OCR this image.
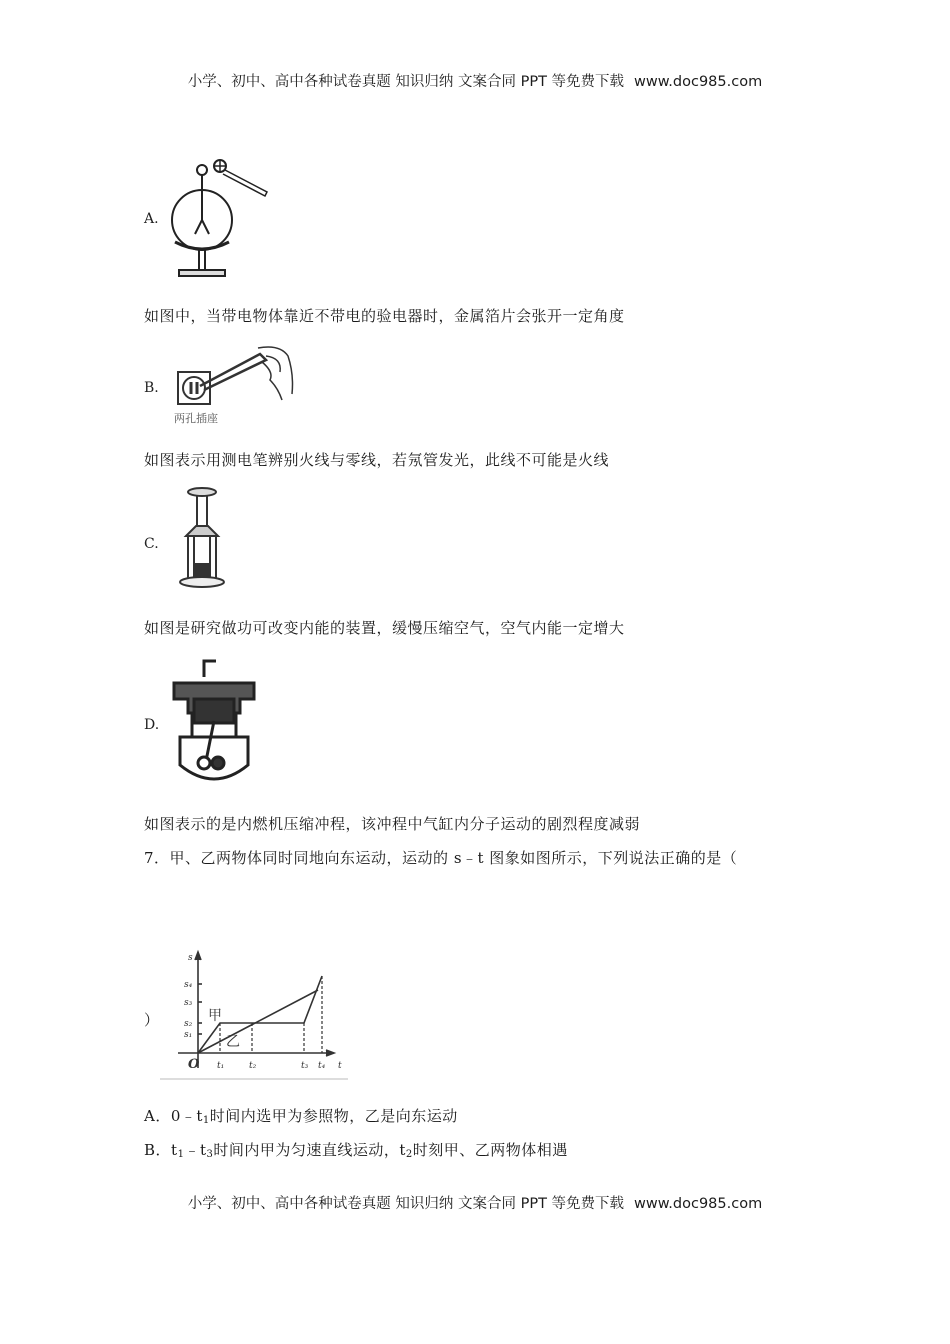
小学、初中、高中各种试卷真题 知识归纳 文案合同 PPT 等免费下载 www.doc985.com
A.
如图中，当带电物体靠近不带电的验电器时，金属箔片会张开一定角度
B.
两孔插座
如图表示用测电笔辨别火线与零线，若氖管发光，此线不可能是火线
C.
如图是研究做功可改变内能的装置，缓慢压缩空气，空气内能一定增大
D.
如图表示的是内燃机压缩冲程，该冲程中气缸内分子运动的剧烈程度减弱
7．甲、乙两物体同时同地向东运动，运动的 s﹣t 图象如图所示，下列说法正确的是（
）
s
s₁
s₂
s₃
s₄
O t₁	t₂	t₃ t₄ t
甲
乙
A．$0﹣t_1$时间内选甲为参照物，乙是向东运动
B．$t_1﹣t_3$时间内甲为匀速直线运动，$t_2$时刻甲、乙两物体相遇
小学、初中、高中各种试卷真题 知识归纳 文案合同 PPT 等免费下载 www.doc985.com
